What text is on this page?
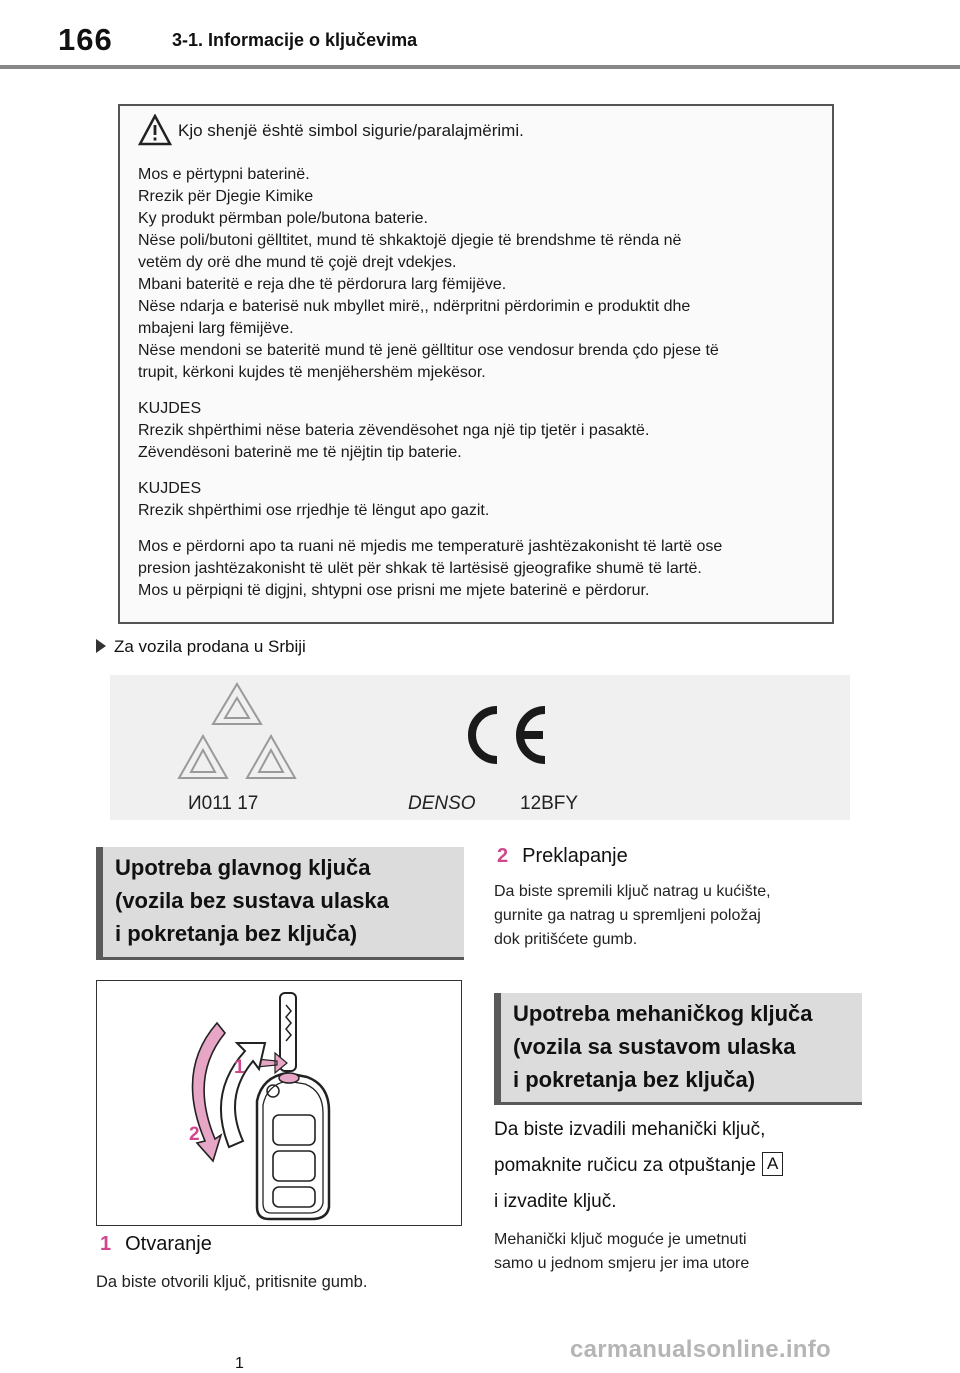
166	3-1. Informacije o ključevima
Kjo shenjë është simbol sigurie/paralajmërimi.
Mos e përtypni baterinë.
Rrezik për Djegie Kimike
Ky produkt përmban pole/butona baterie.
Nëse poli/butoni gëlltitet, mund të shkaktojë djegie të brendshme të rënda në
vetëm dy orë dhe mund të çojë drejt vdekjes.
Mbani bateritë e reja dhe të përdorura larg fëmijëve.
Nëse ndarja e baterisë nuk mbyllet mirë,, ndërpritni përdorimin e produktit dhe
mbajeni larg fëmijëve.
Nëse mendoni se bateritë mund të jenë gëlltitur ose vendosur brenda çdo pjese të
trupit, kërkoni kujdes të menjëhershëm mjekësor.
KUJDES
Rrezik shpërthimi nëse bateria zëvendësohet nga një tip tjetër i pasaktë.
Zëvendësoni baterinë me të njëjtin tip baterie.
KUJDES
Rrezik shpërthimi ose rrjedhje të lëngut apo gazit.
Mos e përdorni apo ta ruani në mjedis me temperaturë jashtëzakonisht të lartë ose
presion jashtëzakonisht të ulët për shkak të lartësisë gjeografike shumë të lartë.
Mos u përpiqni të digjni, shtypni ose prisni me mjete baterinë e përdorur.
Za vozila prodana u Srbiji
И011 17	DENSO 12BFY
Upotreba glavnog ključa
(vozila bez sustava ulaska
i pokretanja bez ključa)
1
1
2
1 Otvaranje
Da biste otvorili ključ, pritisnite gumb.
2 Preklapanje
Da biste spremili ključ natrag u kućište,
gurnite ga natrag u spremljeni položaj
dok pritišćete gumb.
Upotreba mehaničkog ključa
(vozila sa sustavom ulaska
i pokretanja bez ključa)
Da biste izvadili mehanički ključ,
pomaknite ručicu za otpuštanje A
i izvadite ključ.
Mehanički ključ moguće je umetnuti
samo u jednom smjeru jer ima utore
carmanualsonline.info
